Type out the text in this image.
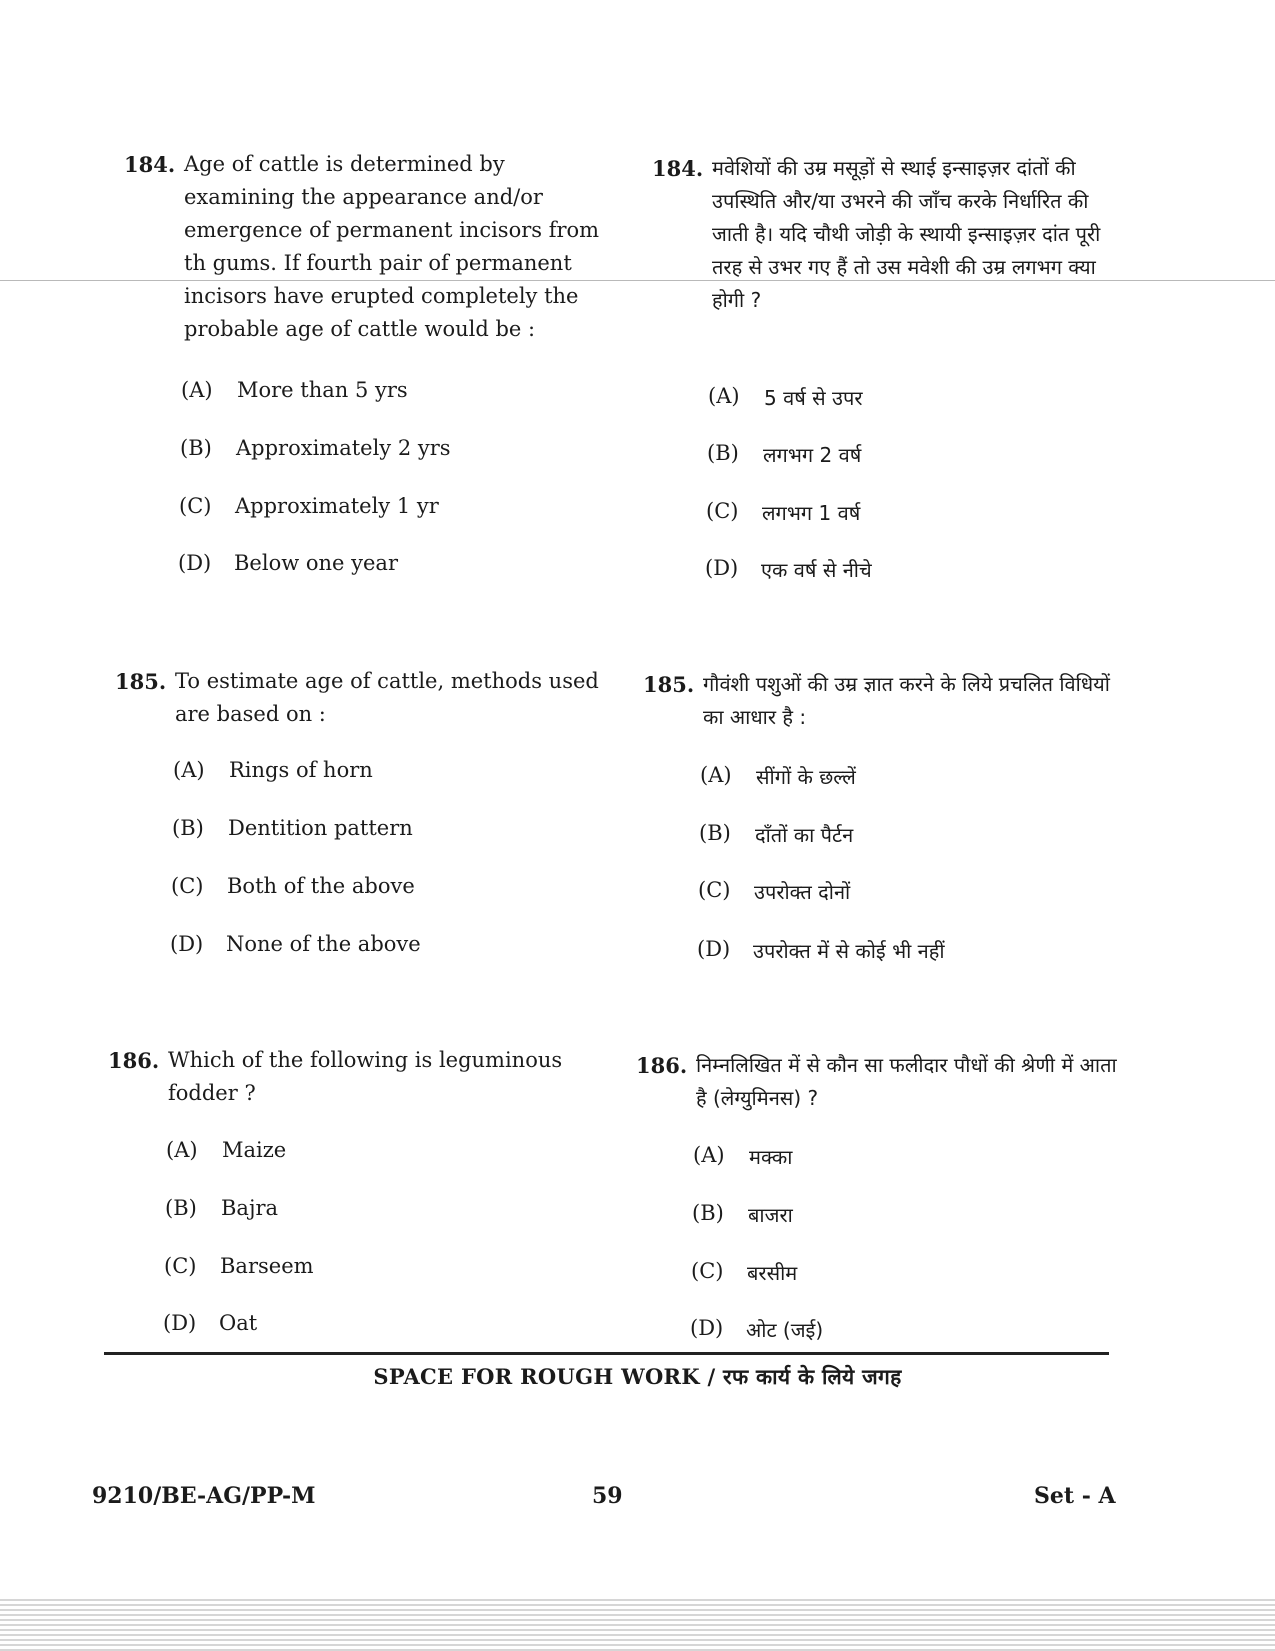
184. Age of cattle is determined by examining the appearance and/or emergence of permanent incisors from th gums. If fourth pair of permanent incisors have erupted completely the probable age of cattle would be :
184. मवेशियों की उम्र मसूड़ों से स्थाई इन्साइज़र दांतों की उपस्थिति और/या उभरने की जाँच करके निर्धारित की जाती है। यदि चौथी जोड़ी के स्थायी इन्साइज़र दांत पूरी तरह से उभर गए हैं तो उस मवेशी की उम्र लगभग क्या होगी ?
(A) More than 5 yrs
(B) Approximately 2 yrs
(C) Approximately 1 yr
(D) Below one year
(A) 5 वर्ष से उपर
(B) लगभग 2 वर्ष
(C) लगभग 1 वर्ष
(D) एक वर्ष से नीचे
185. To estimate age of cattle, methods used are based on :
185. गौवंशी पशुओं की उम्र ज्ञात करने के लिये प्रचलित विधियों का आधार है :
(A) Rings of horn
(B) Dentition pattern
(C) Both of the above
(D) None of the above
(A) सींगों के छल्लें
(B) दाँतों का पैर्टन
(C) उपरोक्त दोनों
(D) उपरोक्त में से कोई भी नहीं
186. Which of the following is leguminous fodder ?
186. निम्नलिखित में से कौन सा फलीदार पौधों की श्रेणी में आता है (लेग्युमिनस) ?
(A) Maize
(B) Bajra
(C) Barseem
(D) Oat
(A) मक्का
(B) बाजरा
(C) बरसीम
(D) ओट (जई)
SPACE FOR ROUGH WORK / रफ कार्य के लिये जगह
9210/BE-AG/PP-M	59	Set - A
